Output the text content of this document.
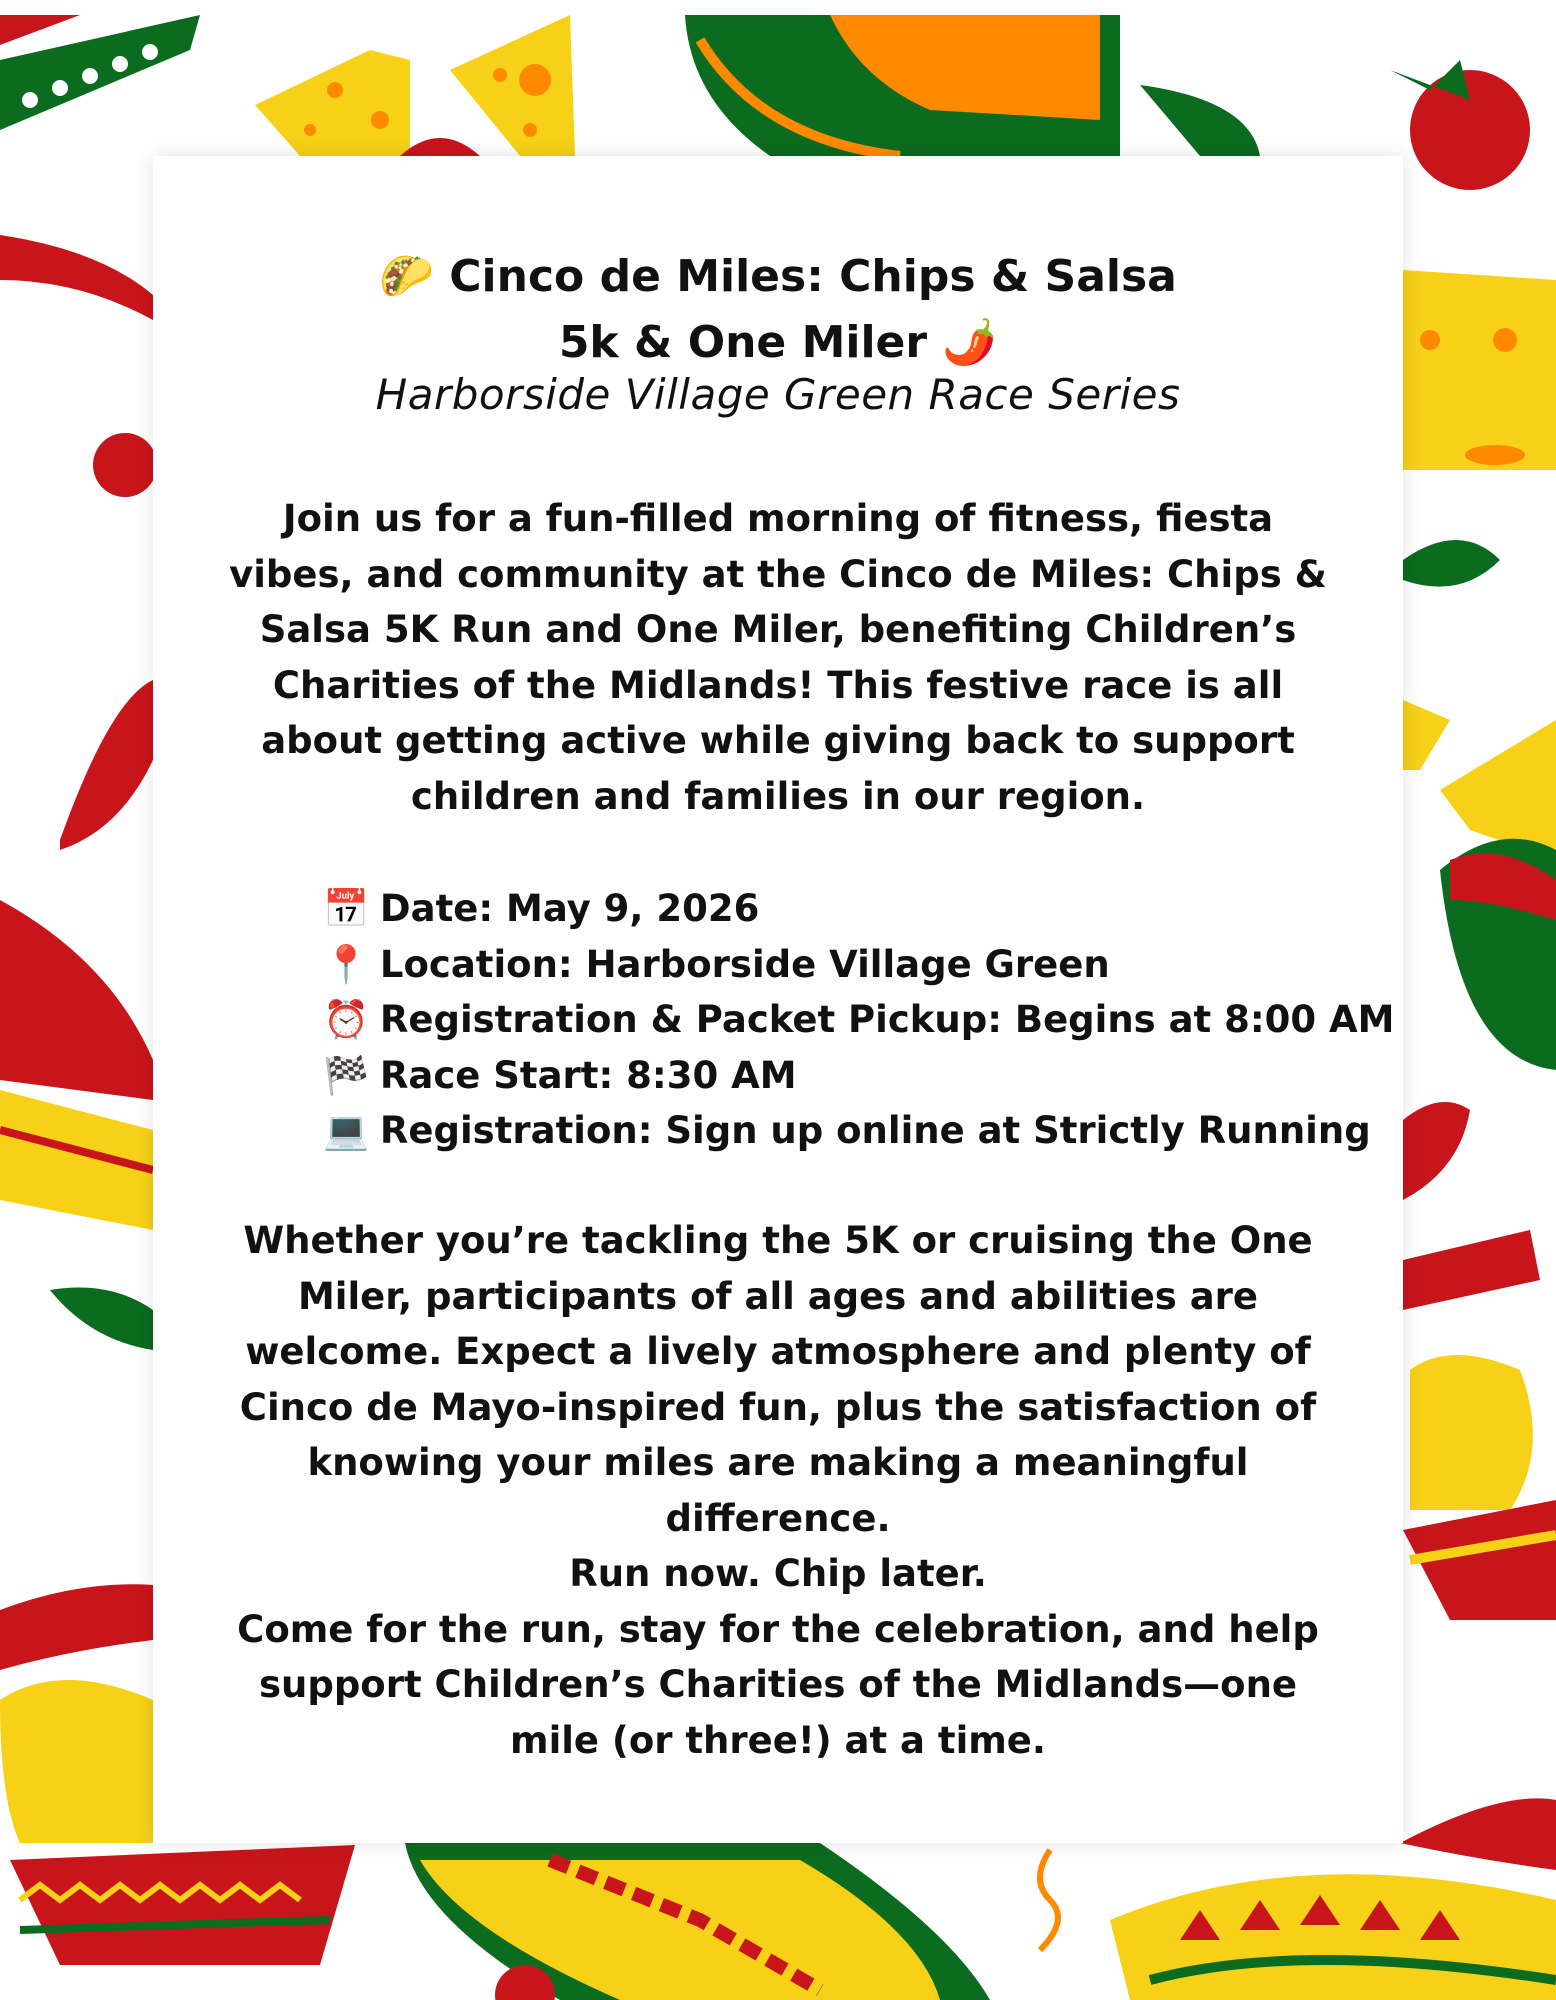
🌮 Cinco de Miles: Chips & Salsa
5k & One Miler 🌶️
Harborside Village Green Race Series

Join us for a fun-filled morning of fitness, fiesta vibes, and community at the Cinco de Miles: Chips & Salsa 5K Run and One Miler, benefiting Children’s Charities of the Midlands! This festive race is all about getting active while giving back to support children and families in our region.

📅 Date: May 9, 2026
📍 Location: Harborside Village Green
⏰ Registration & Packet Pickup: Begins at 8:00 AM
🏁 Race Start: 8:30 AM
💻 Registration: Sign up online at Strictly Running

Whether you’re tackling the 5K or cruising the One Miler, participants of all ages and abilities are welcome. Expect a lively atmosphere and plenty of Cinco de Mayo-inspired fun, plus the satisfaction of knowing your miles are making a meaningful difference.

Run now. Chip later.
Come for the run, stay for the celebration, and help support Children’s Charities of the Midlands—one mile (or three!) at a time.
